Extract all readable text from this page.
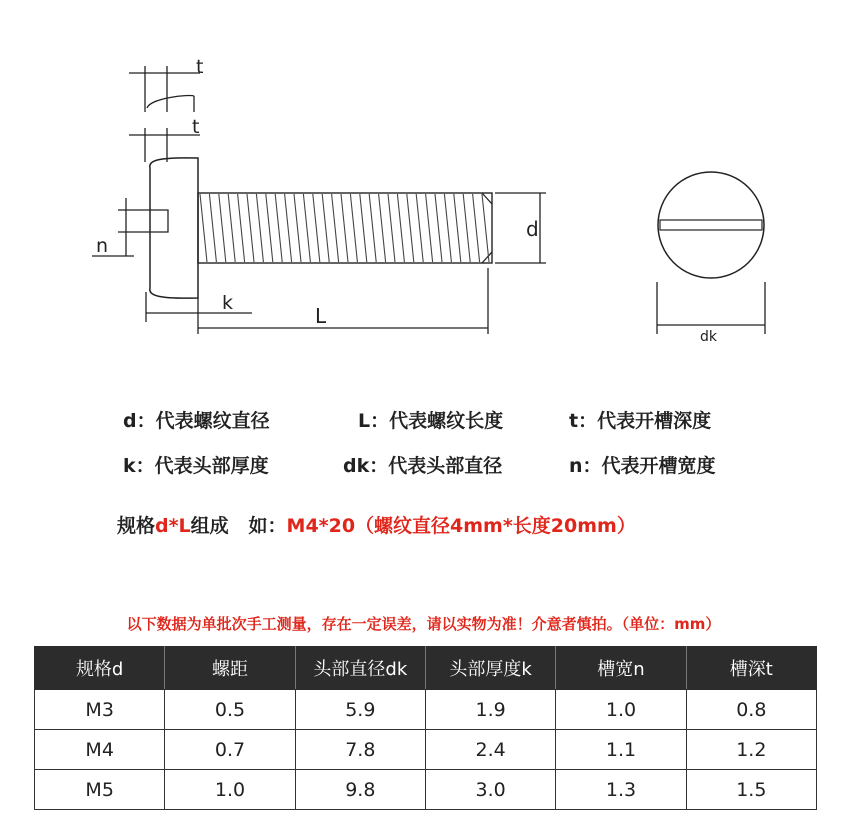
t
t
n
d
k
L
dk
d：代表螺纹直径	L：代表螺纹长度	t：代表开槽深度
k：代表头部厚度	dk：代表头部直径	n：代表开槽宽度
规格d*L组成   如：M4*20（螺纹直径4mm*长度20mm）
以下数据为单批次手工测量，存在一定误差，请以实物为准！介意者慎拍。（单位：mm）
规格d	螺距	头部直径dk	头部厚度k	槽宽n	槽深t
M3	0.5	5.9	1.9	1.0	0.8
M4	0.7	7.8	2.4	1.1	1.2
M5	1.0	9.8	3.0	1.3	1.5
